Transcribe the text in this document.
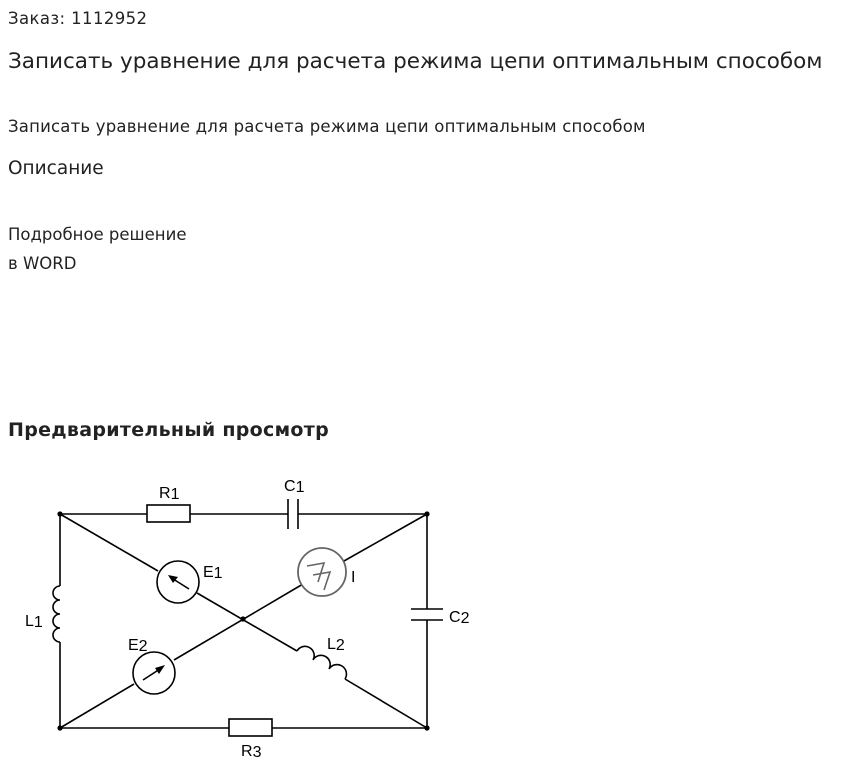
Заказ: 1112952
Записать уравнение для расчета режима цепи оптимальным способом
Записать уравнение для расчета режима цепи оптимальным способом
Описание
Подробное решение
в WORD
Предварительный просмотр
R1	C1
C2
L1
L2
E1
E2
I
R3
